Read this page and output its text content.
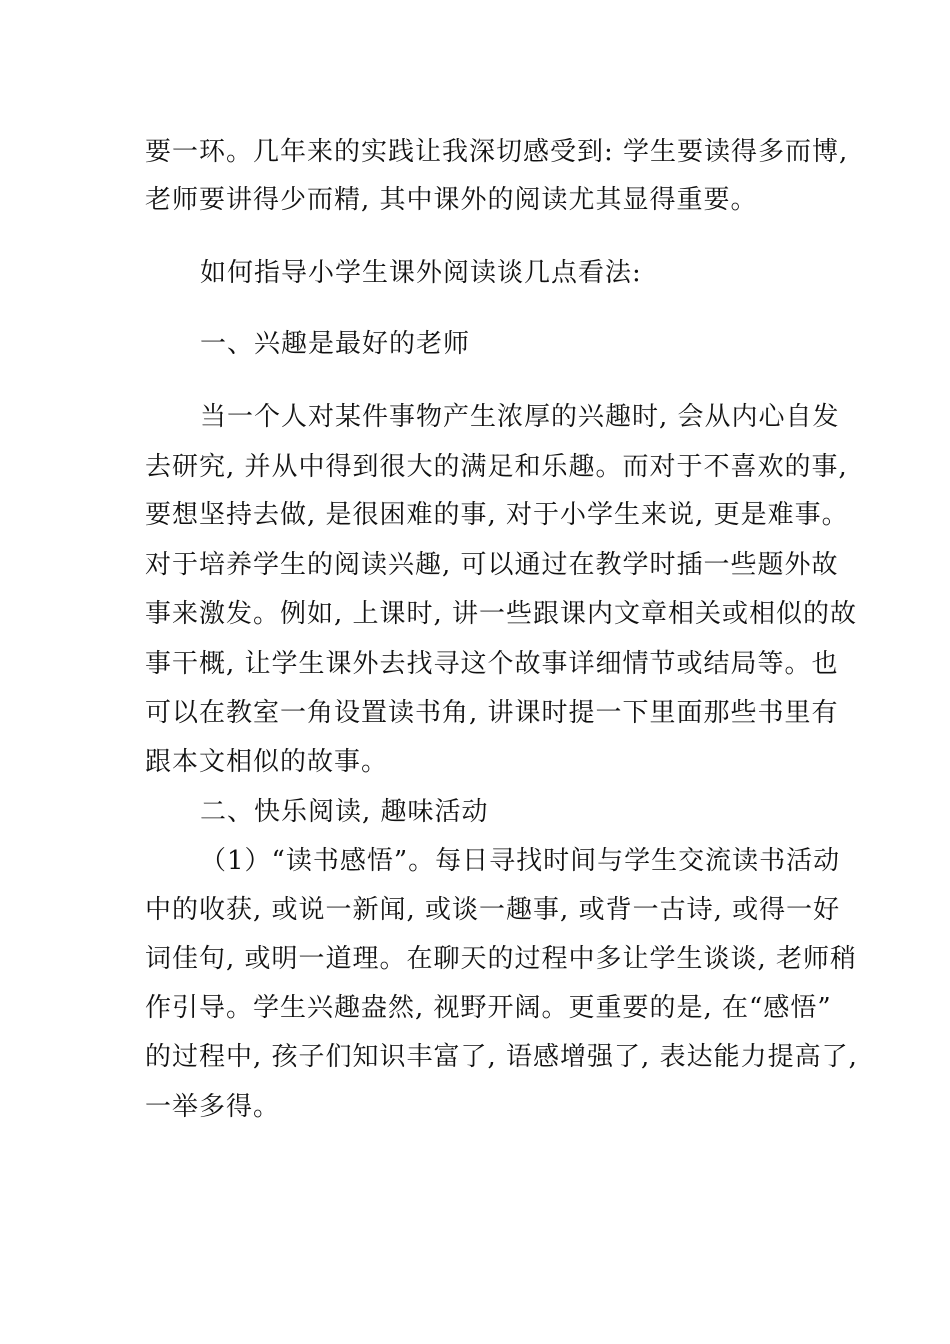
要一环。几年来的实践让我深切感受到: 学生要读得多而博,
老师要讲得少而精, 其中课外的阅读尤其显得重要。
如何指导小学生课外阅读谈几点看法:
一、兴趣是最好的老师
当一个人对某件事物产生浓厚的兴趣时, 会从内心自发
去研究, 并从中得到很大的满足和乐趣。而对于不喜欢的事,
要想坚持去做, 是很困难的事, 对于小学生来说, 更是难事。
对于培养学生的阅读兴趣, 可以通过在教学时插一些题外故
事来激发。例如, 上课时, 讲一些跟课内文章相关或相似的故
事干概, 让学生课外去找寻这个故事详细情节或结局等。也
可以在教室一角设置读书角, 讲课时提一下里面那些书里有
跟本文相似的故事。
二、快乐阅读, 趣味活动
（1）“读书感悟”。每日寻找时间与学生交流读书活动
中的收获, 或说一新闻, 或谈一趣事, 或背一古诗, 或得一好
词佳句, 或明一道理。在聊天的过程中多让学生谈谈, 老师稍
作引导。学生兴趣盎然, 视野开阔。更重要的是, 在“感悟”
的过程中, 孩子们知识丰富了, 语感增强了, 表达能力提高了,
一举多得。
